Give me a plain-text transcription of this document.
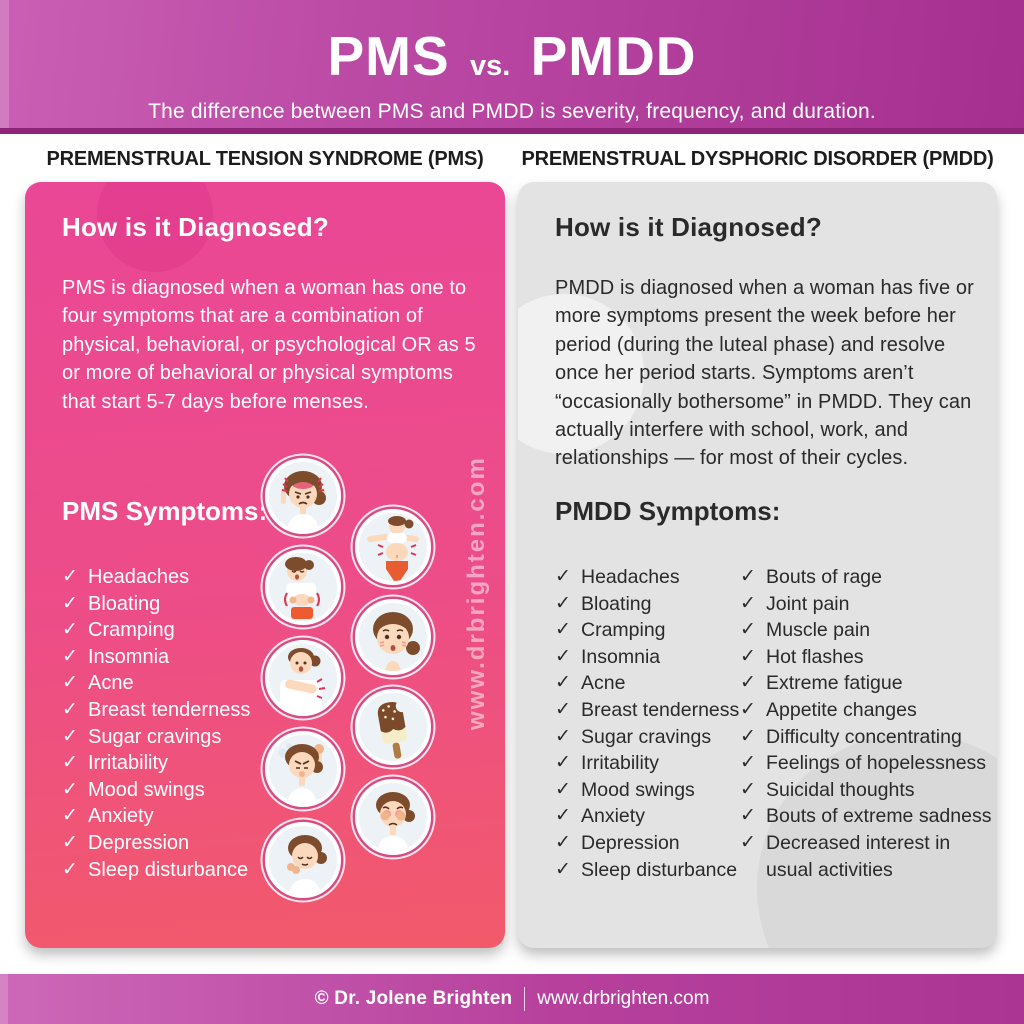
PMS vs. PMDD
The difference between PMS and PMDD is severity, frequency, and duration.
PREMENSTRUAL TENSION SYNDROME (PMS)	PREMENSTRUAL DYSPHORIC DISORDER (PMDD)
How is it Diagnosed?
PMS is diagnosed when a woman has one to four symptoms that are a combination of physical, behavioral, or psychological OR as 5 or more of behavioral or physical symptoms that start 5-7 days before menses.
PMS Symptoms:
✓ Headaches
✓ Bloating
✓ Cramping
✓ Insomnia
✓ Acne
✓ Breast tenderness
✓ Sugar cravings
✓ Irritability
✓ Mood swings
✓ Anxiety
✓ Depression
✓ Sleep disturbance
www.drbrighten.com
How is it Diagnosed?
PMDD is diagnosed when a woman has five or more symptoms present the week before her period (during the luteal phase) and resolve once her period starts. Symptoms aren’t “occasionally bothersome” in PMDD. They can actually interfere with school, work, and relationships — for most of their cycles.
PMDD Symptoms:
✓ Headaches
✓ Bloating
✓ Cramping
✓ Insomnia
✓ Acne
✓ Breast tenderness
✓ Sugar cravings
✓ Irritability
✓ Mood swings
✓ Anxiety
✓ Depression
✓ Sleep disturbance
✓ Bouts of rage
✓ Joint pain
✓ Muscle pain
✓ Hot flashes
✓ Extreme fatigue
✓ Appetite changes
✓ Difficulty concentrating
✓ Feelings of hopelessness
✓ Suicidal thoughts
✓ Bouts of extreme sadness
✓ Decreased interest in usual activities
© Dr. Jolene Brighten www.drbrighten.com
